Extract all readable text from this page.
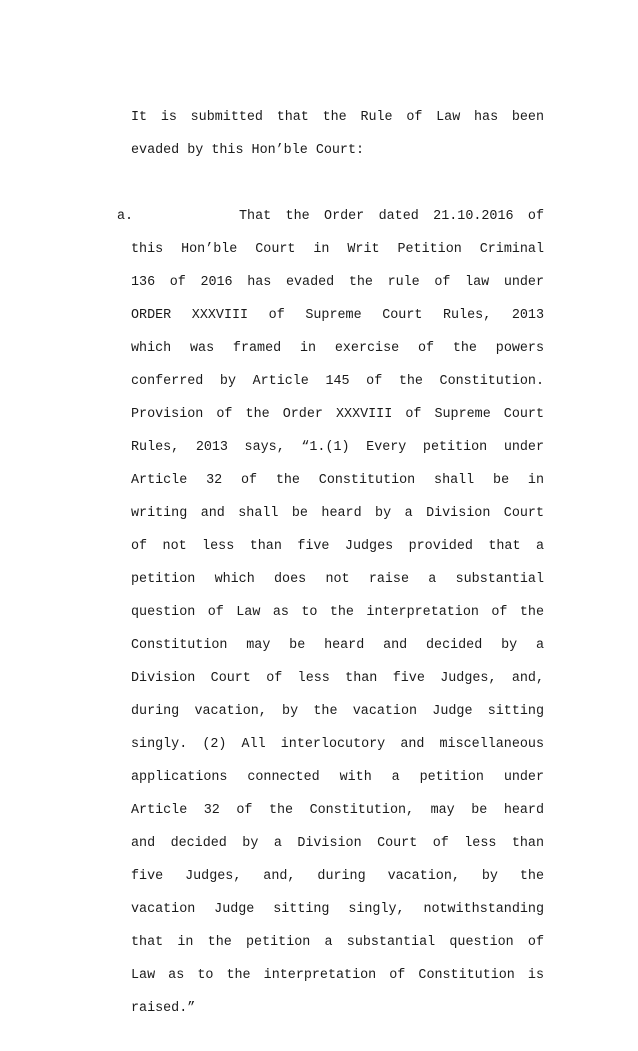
It is submitted that the Rule of Law has been
evaded by this Hon’ble Court:
a.	That the Order dated 21.10.2016 of
this Hon’ble Court in Writ Petition Criminal
136 of 2016 has evaded the rule of law under
ORDER XXXVIII of Supreme Court Rules, 2013
which was framed in exercise of the powers
conferred by Article 145 of the Constitution.
Provision of the Order XXXVIII of Supreme Court
Rules, 2013 says, “1.(1) Every petition under
Article 32 of the Constitution shall be in
writing and shall be heard by a Division Court
of not less than five Judges provided that a
petition which does not raise a substantial
question of Law as to the interpretation of the
Constitution may be heard and decided by a
Division Court of less than five Judges, and,
during vacation, by the vacation Judge sitting
singly. (2) All interlocutory and miscellaneous
applications connected with a petition under
Article 32 of the Constitution, may be heard
and decided by a Division Court of less than
five Judges, and, during vacation, by the
vacation Judge sitting singly, notwithstanding
that in the petition a substantial question of
Law as to the interpretation of Constitution is
raised.”
